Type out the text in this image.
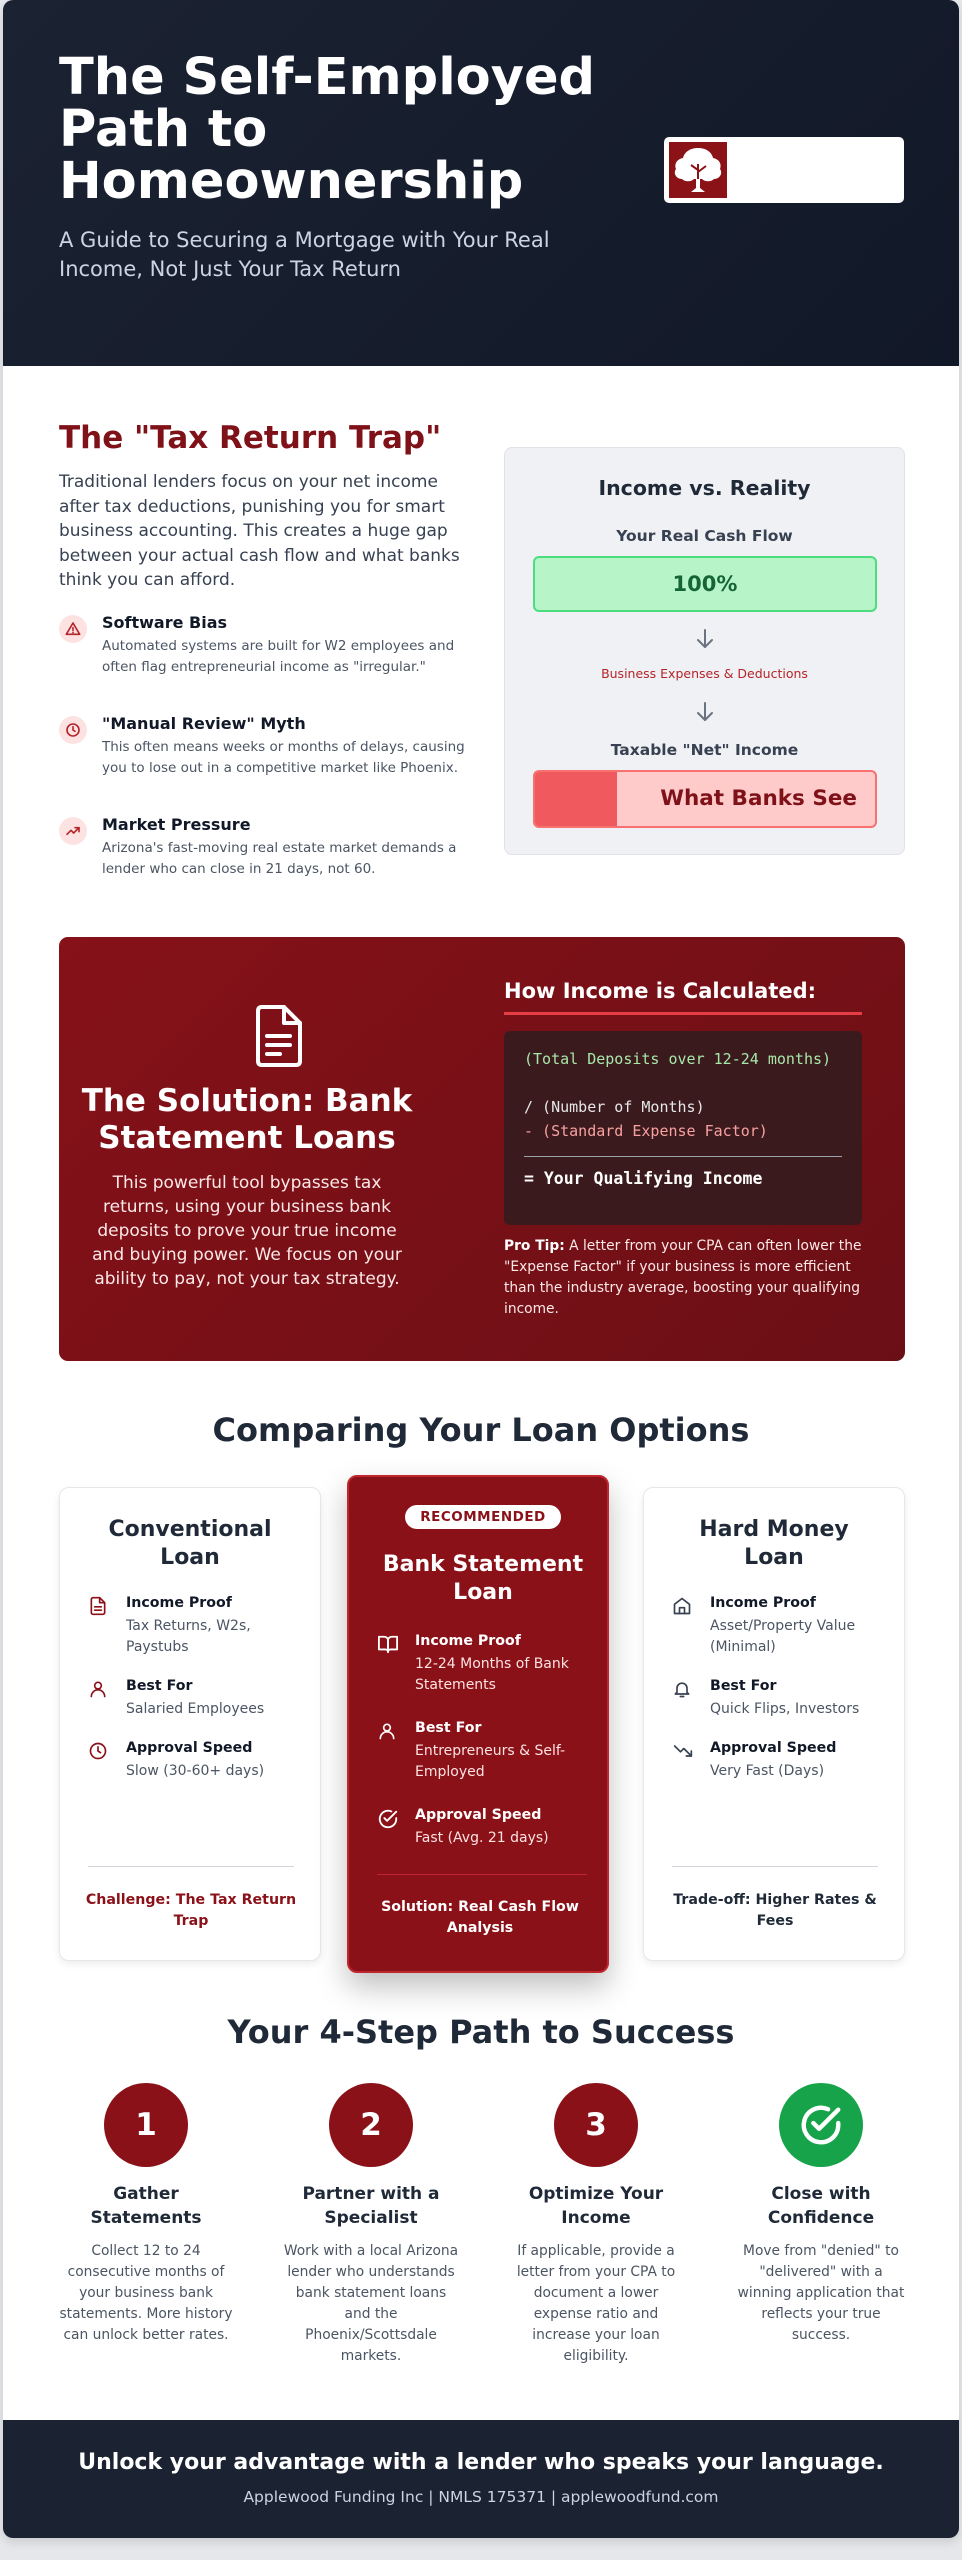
The Self-Employed Path to Homeownership
A Guide to Securing a Mortgage with Your Real Income, Not Just Your Tax Return
The "Tax Return Trap"
Traditional lenders focus on your net income after tax deductions, punishing you for smart business accounting. This creates a huge gap between your actual cash flow and what banks think you can afford.
Software Bias
Automated systems are built for W2 employees and often flag entrepreneurial income as "irregular."
"Manual Review" Myth
This often means weeks or months of delays, causing you to lose out in a competitive market like Phoenix.
Market Pressure
Arizona's fast-moving real estate market demands a lender who can close in 21 days, not 60.
Income vs. Reality
Your Real Cash Flow
100%
Business Expenses & Deductions
Taxable "Net" Income
What Banks See
The Solution: Bank Statement Loans
This powerful tool bypasses tax returns, using your business bank deposits to prove your true income and buying power. We focus on your ability to pay, not your tax strategy.
How Income is Calculated:
(Total Deposits over 12-24 months)
/ (Number of Months)
- (Standard Expense Factor)
= Your Qualifying Income
Pro Tip: A letter from your CPA can often lower the "Expense Factor" if your business is more efficient than the industry average, boosting your qualifying income.
Comparing Your Loan Options
Conventional Loan
Income Proof
Tax Returns, W2s, Paystubs
Best For
Salaried Employees
Approval Speed
Slow (30-60+ days)
Challenge: The Tax Return Trap
RECOMMENDED
Bank Statement Loan
Income Proof
12-24 Months of Bank Statements
Best For
Entrepreneurs & Self-Employed
Approval Speed
Fast (Avg. 21 days)
Solution: Real Cash Flow Analysis
Hard Money Loan
Income Proof
Asset/Property Value (Minimal)
Best For
Quick Flips, Investors
Approval Speed
Very Fast (Days)
Trade-off: Higher Rates & Fees
Your 4-Step Path to Success
1
Gather Statements
Collect 12 to 24 consecutive months of your business bank statements. More history can unlock better rates.
2
Partner with a Specialist
Work with a local Arizona lender who understands bank statement loans and the Phoenix/Scottsdale markets.
3
Optimize Your Income
If applicable, provide a letter from your CPA to document a lower expense ratio and increase your loan eligibility.
Close with Confidence
Move from "denied" to "delivered" with a winning application that reflects your true success.
Unlock your advantage with a lender who speaks your language.
Applewood Funding Inc | NMLS 175371 | applewoodfund.com
